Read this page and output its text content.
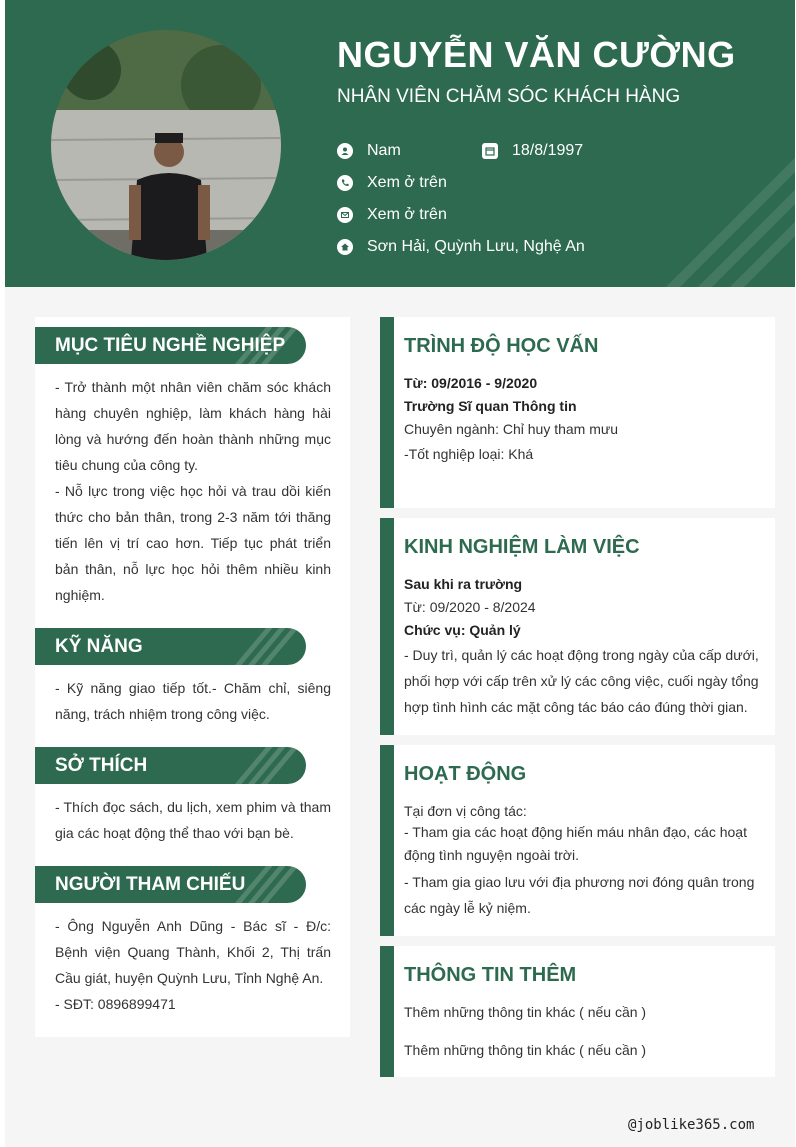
NGUYỄN VĂN CƯỜNG
NHÂN VIÊN CHĂM SÓC KHÁCH HÀNG
Nam	18/8/1997
Xem ở trên
Xem ở trên
Sơn Hải, Quỳnh Lưu, Nghệ An
MỤC TIÊU NGHỀ NGHIỆP
- Trở thành một nhân viên chăm sóc khách hàng chuyên nghiệp, làm khách hàng hài lòng và hướng đến hoàn thành những mục tiêu chung của công ty.
- Nỗ lực trong việc học hỏi và trau dồi kiến thức cho bản thân, trong 2-3 năm tới thăng tiến lên vị trí cao hơn. Tiếp tục phát triển bản thân, nỗ lực học hỏi thêm nhiều kinh nghiệm.
KỸ NĂNG
- Kỹ năng giao tiếp tốt.- Chăm chỉ, siêng năng, trách nhiệm trong công việc.
SỞ THÍCH
- Thích đọc sách, du lịch, xem phim và tham gia các hoạt động thể thao với bạn bè.
NGƯỜI THAM CHIẾU
- Ông Nguyễn Anh Dũng - Bác sĩ - Đ/c: Bệnh viện Quang Thành, Khối 2, Thị trấn Cầu giát, huyện Quỳnh Lưu, Tỉnh Nghệ An.
- SĐT: 0896899471
TRÌNH ĐỘ HỌC VẤN
Từ: 09/2016 - 9/2020
Trường Sĩ quan Thông tin
Chuyên ngành: Chỉ huy tham mưu
-Tốt nghiệp loại: Khá
KINH NGHIỆM LÀM VIỆC
Sau khi ra trường
Từ: 09/2020 - 8/2024
Chức vụ: Quản lý
- Duy trì, quản lý các hoạt động trong ngày của cấp dưới, phối hợp với cấp trên xử lý các công việc, cuối ngày tổng hợp tình hình các mặt công tác báo cáo đúng thời gian.
HOẠT ĐỘNG
Tại đơn vị công tác:
- Tham gia các hoạt động hiến máu nhân đạo, các hoạt động tình nguyện ngoài trời.
- Tham gia giao lưu với địa phương nơi đóng quân trong các ngày lễ kỷ niệm.
THÔNG TIN THÊM
Thêm những thông tin khác ( nếu cần )
Thêm những thông tin khác ( nếu cần )
@joblike365.com
